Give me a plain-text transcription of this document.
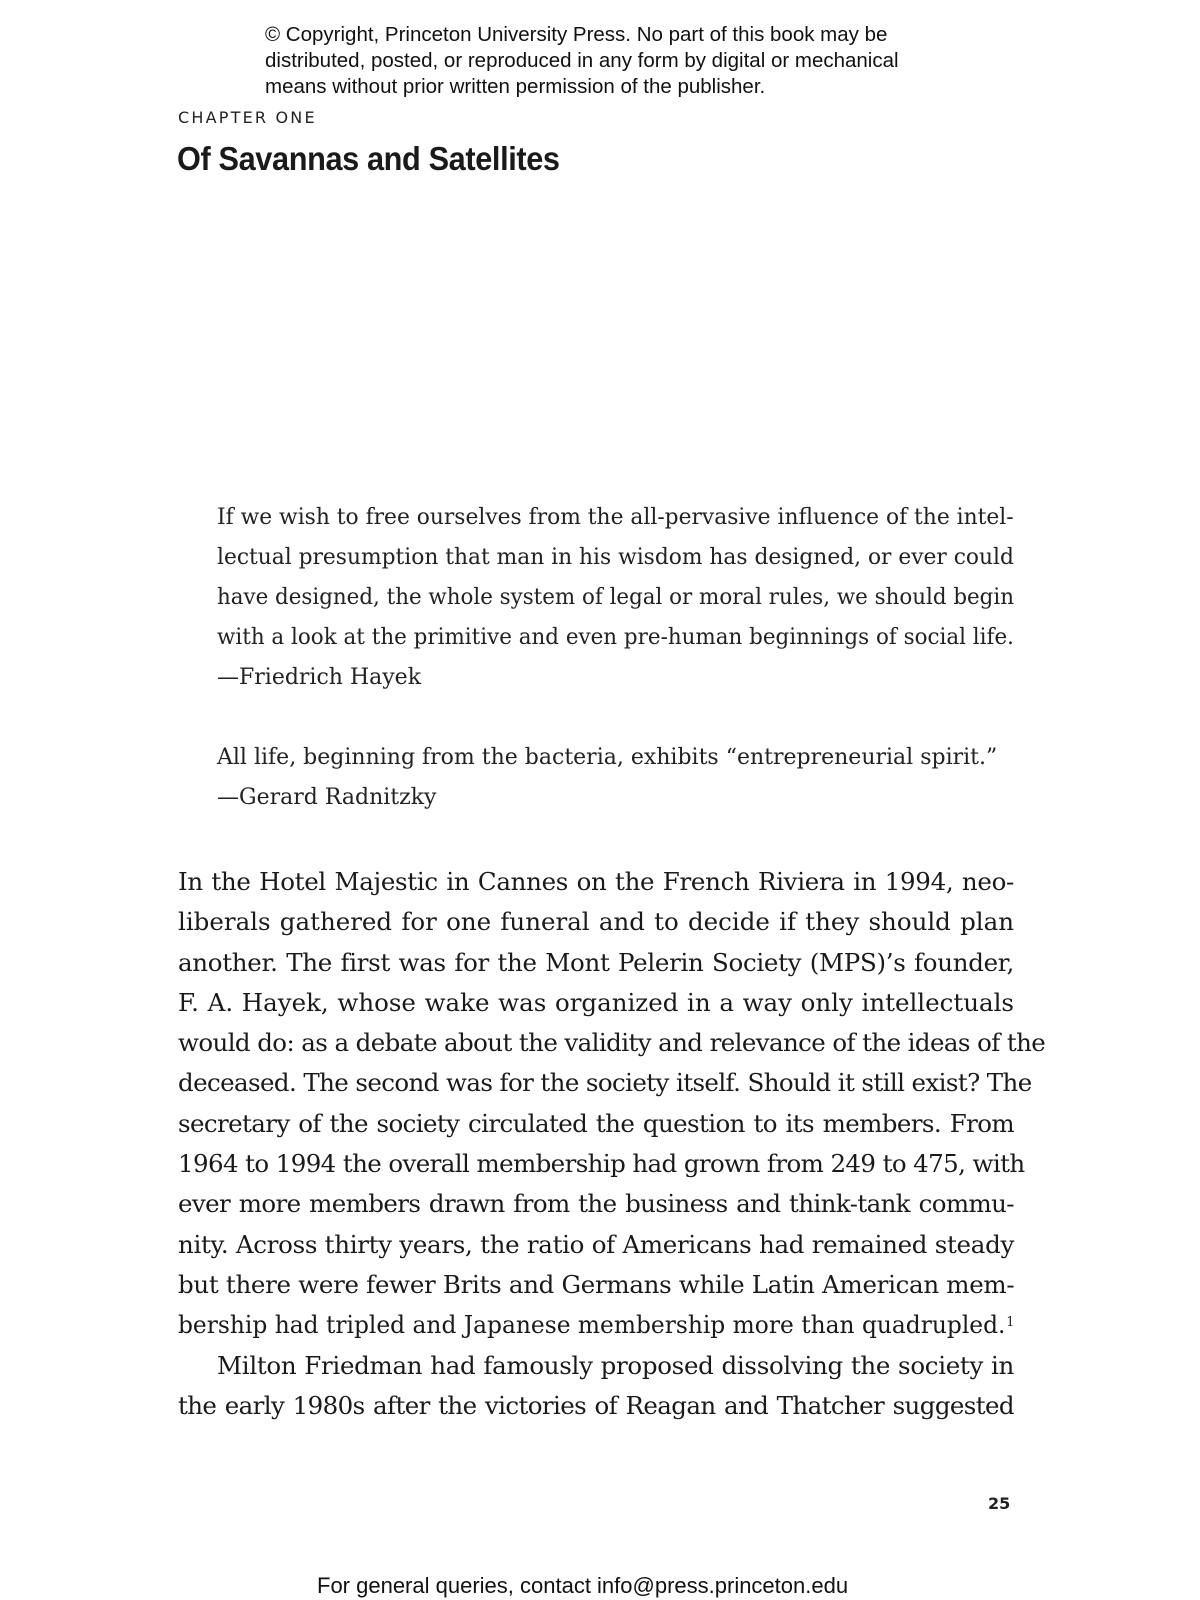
© Copyright, Princeton University Press. No part of this book may be
distributed, posted, or reproduced in any form by digital or mechanical
means without prior written permission of the publisher.
CHAPTER ONE
Of Savannas and Satellites
If we wish to free ourselves from the all-pervasive influence of the intel-
lectual presumption that man in his wisdom has designed, or ever could
have designed, the whole system of legal or moral rules, we should begin
with a look at the primitive and even pre-human beginnings of social life.
—Friedrich Hayek
All life, beginning from the bacteria, exhibits “entrepreneurial spirit.”
—Gerard Radnitzky
In the Hotel Majestic in Cannes on the French Riviera in 1994, neo-
liberals gathered for one funeral and to decide if they should plan
another. The first was for the Mont Pelerin Society (MPS)’s founder,
F. A. Hayek, whose wake was organized in a way only intellectuals
would do: as a debate about the validity and relevance of the ideas of the
deceased. The second was for the society itself. Should it still exist? The
secretary of the society circulated the question to its members. From
1964 to 1994 the overall membership had grown from 249 to 475, with
ever more members drawn from the business and think-tank commu-
nity. Across thirty years, the ratio of Americans had remained steady
but there were fewer Brits and Germans while Latin American mem-
bership had tripled and Japanese membership more than quadrupled.$^1$
Milton Friedman had famously proposed dissolving the society in
the early 1980s after the victories of Reagan and Thatcher suggested
25
For general queries, contact info@press.princeton.edu
